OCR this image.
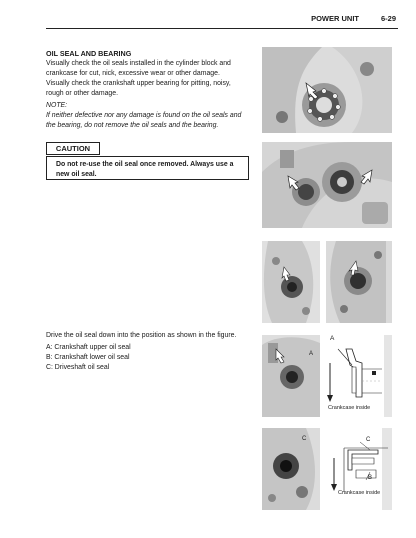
POWER UNIT	6-29
OIL SEAL AND BEARING
Visually check the oil seals installed in the cylinder block and
crankcase for cut, nick, excessive wear or other damage.
Visually check the crankshaft upper bearing for pitting, noisy,
rough or other damage.
NOTE:
If neither defective nor any damage is found on the oil seals and
the bearing, do not remove the oil seals and the bearing.
CAUTION
Do not re-use the oil seal once removed. Always use a
new oil seal.
Drive the oil seal down into the position as shown in the figure.
A: Crankshaft upper oil seal
B: Crankshaft lower oil seal
C: Driveshaft oil seal
A
A
Crankcase inside
C	C
B
Crankcase inside
